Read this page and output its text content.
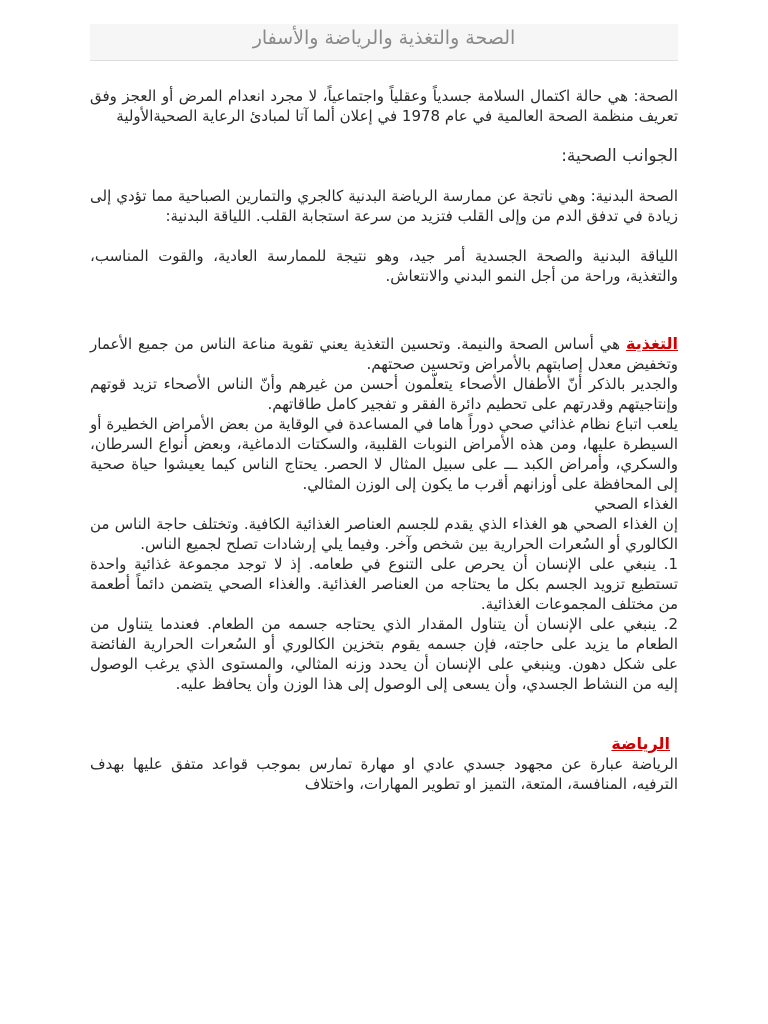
الصحة والتغذية والرياضة والأسفار

الصحة: هي حالة اكتمال السلامة جسدياً وعقلياً واجتماعياً، لا مجرد انعدام المرض أو العجز وفق تعريف منظمة الصحة العالمية في عام 1978 في إعلان ألما آتا لمبادئ الرعاية الصحيةالأولية

الجوانب الصحية:

الصحة البدنية: وهي ناتجة عن ممارسة الرياضة البدنية كالجري والتمارين الصباحية مما تؤدي إلى زيادة في تدفق الدم من وإلى القلب فتزيد من سرعة استجابة القلب. اللياقة البدنية:

اللياقة البدنية والصحة الجسدية أمر جيد، وهو نتيجة للممارسة العادية، والقوت المناسب، والتغذية، وراحة من أجل النمو البدني والانتعاش.

التغذية هي أساس الصحة والنيمة. وتحسين التغذية يعني تقوية مناعة الناس من جميع الأعمار وتخفيض معدل إصابتهم بالأمراض وتحسين صحتهم.

والجدير بالذكر أنّ الأطفال الأصحاء يتعلّمون أحسن من غيرهم وأنّ الناس الأصحاء تزيد قوتهم وإنتاجيتهم وقدرتهم على تحطيم دائرة الفقر و تفجير كامل طاقاتهم.

يلعب اتباع نظام غذائي صحي دوراً هاما في المساعدة في الوقاية من بعض الأمراض الخطيرة أو السيطرة عليها، ومن هذه الأمراض النوبات القلبية، والسكتات الدماغية، وبعض أنواع السرطان، والسكري، وأمراض الكبد ـــ على سبيل المثال لا الحصر. يحتاج الناس كيما يعيشوا حياة صحية إلى المحافظة على أوزانهم أقرب ما يكون إلى الوزن المثالي.

الغذاء الصحي

إن الغذاء الصحي هو الغذاء الذي يقدم للجسم العناصر الغذائية الكافية. وتختلف حاجة الناس من الكالوري أو السُعرات الحرارية بين شخص وآخر. وفيما يلي إرشادات تصلح لجميع الناس.

1. ينبغي على الإنسان أن يحرص على التنوع في طعامه. إذ لا توجد مجموعة غذائية واحدة تستطيع تزويد الجسم بكل ما يحتاجه من العناصر الغذائية. والغذاء الصحي يتضمن دائماً أطعمة من مختلف المجموعات الغذائية.

2. ينبغي على الإنسان أن يتناول المقدار الذي يحتاجه جسمه من الطعام. فعندما يتناول من الطعام ما يزيد على حاجته، فإن جسمه يقوم بتخزين الكالوري أو السُعرات الحرارية الفائضة على شكل دهون. وينبغي على الإنسان أن يحدد وزنه المثالي، والمستوى الذي يرغب الوصول إليه من النشاط الجسدي، وأن يسعى إلى الوصول إلى هذا الوزن وأن يحافظ عليه.

الرياضة

الرياضة عبارة عن مجهود جسدي عادي او مهارة تمارس بموجب قواعد متفق عليها بهدف الترفيه، المنافسة، المتعة، التميز او تطوير المهارات، واختلاف
